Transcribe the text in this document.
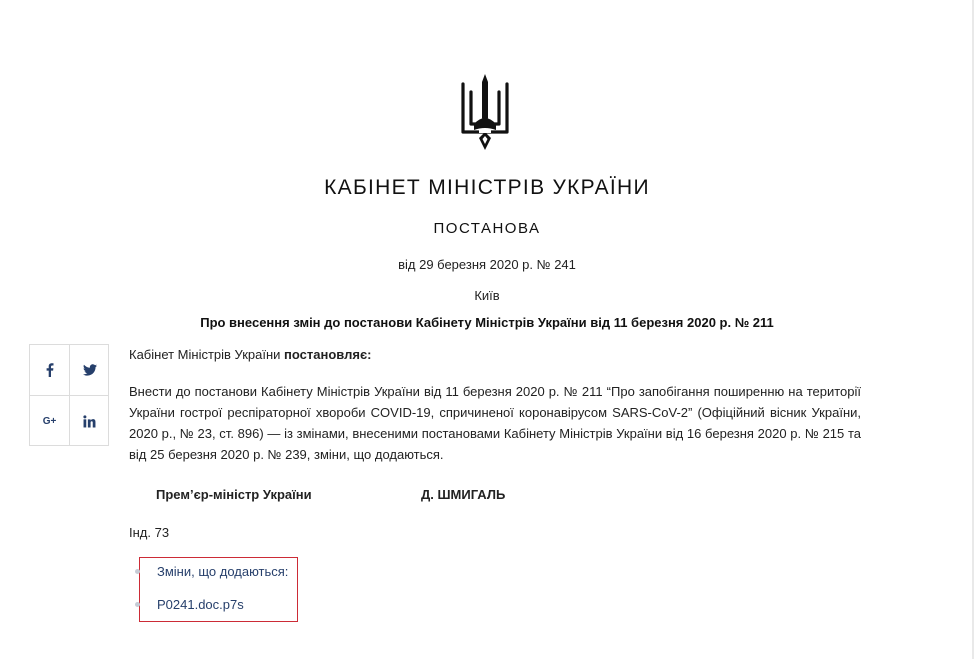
КАБІНЕТ МІНІСТРІВ УКРАЇНИ
ПОСТАНОВА
від 29 березня 2020 р. № 241
Київ
Про внесення змін до постанови Кабінету Міністрів України від 11 березня 2020 р. № 211
G+
Кабінет Міністрів України постановляє:
Внести до постанови Кабінету Міністрів України від 11 березня 2020 р. № 211 “Про запобігання поширенню на території України гострої респіраторної хвороби COVID-19, спричиненої коронавірусом SARS-CoV-2” (Офіційний вісник України, 2020 р., № 23, ст. 896) — із змінами, внесеними постановами Кабінету Міністрів України від 16 березня 2020 р. № 215 та від 25 березня 2020 р. № 239, зміни, що додаються.
Прем’єр-міністр України	Д. ШМИГАЛЬ
Інд. 73
Зміни, що додаються:
P0241.doc.p7s
